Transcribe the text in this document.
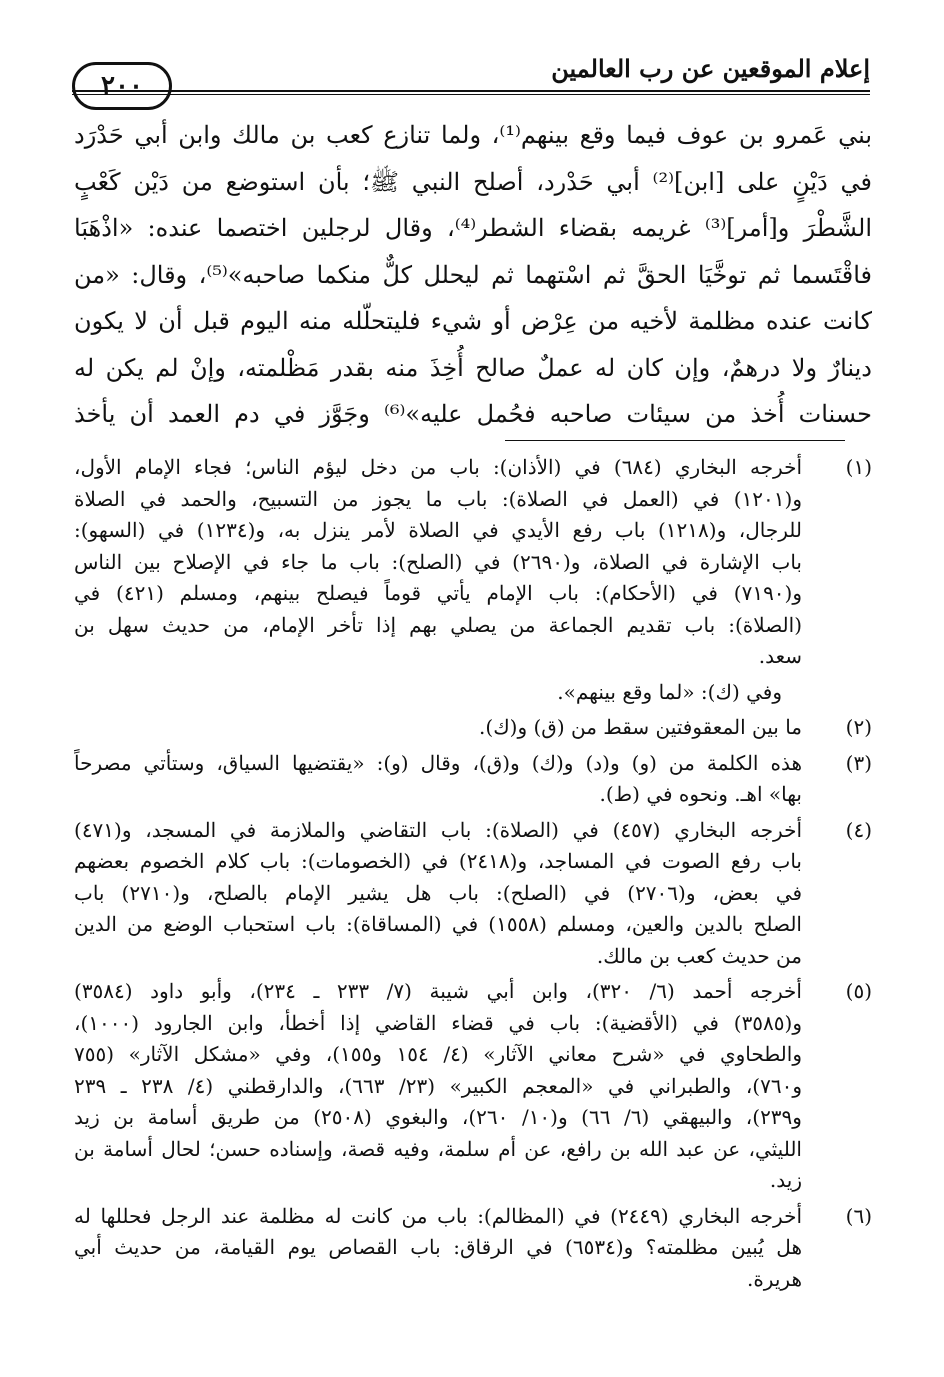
إعلام الموقعين عن رب العالمين
٢٠٠
بني عَمرو بن عوف فيما وقع بينهم⁽¹⁾، ولما تنازع كعب بن مالك وابن أبي حَدْرَد
في دَيْنٍ على [ابن]⁽²⁾ أبي حَدْرد، أصلح النبي ﷺ؛ بأن استوضع من دَيْن كَعْبٍ
الشَّطْرَ و[أمر]⁽³⁾ غريمه بقضاء الشطر⁽⁴⁾، وقال لرجلين اختصما عنده: «اذْهَبَا
فاقْتَسما ثم توخَّيَا الحقَّ ثم اسْتهما ثم ليحلل كلٌّ منكما صاحبه»⁽⁵⁾، وقال: «من
كانت عنده مظلمة لأخيه من عِرْض أو شيء فليتحلّله منه اليوم قبل أن لا يكون
دينارٌ ولا درهمٌ، وإن كان له عملٌ صالح أُخِذَ منه بقدر مَظْلمته، وإنْ لم يكن له
حسنات أُخذ من سيئات صاحبه فحُمل عليه»⁽⁶⁾ وجَوَّز في دم العمد أن يأخذ
(١)
أخرجه البخاري (٦٨٤) في (الأذان): باب من دخل ليؤم الناس؛ فجاء الإمام الأول،
و(١٢٠١) في (العمل في الصلاة): باب ما يجوز من التسبيح، والحمد في الصلاة
للرجال، و(١٢١٨) باب رفع الأيدي في الصلاة لأمر ينزل به، و(١٢٣٤) في (السهو):
باب الإشارة في الصلاة، و(٢٦٩٠) في (الصلح): باب ما جاء في الإصلاح بين الناس
و(٧١٩٠) في (الأحكام): باب الإمام يأتي قوماً فيصلح بينهم، ومسلم (٤٢١) في
(الصلاة): باب تقديم الجماعة من يصلي بهم إذا تأخر الإمام، من حديث سهل بن
سعد.
وفي (ك): «لما وقع بينهم».
(٢)
ما بين المعقوفتين سقط من (ق) و(ك).
(٣)
هذه الكلمة من (و) و(د) و(ك) و(ق)، وقال (و): «يقتضيها السياق، وستأتي مصرحاً
بها» اهـ. ونحوه في (ط).
(٤)
أخرجه البخاري (٤٥٧) في (الصلاة): باب التقاضي والملازمة في المسجد، و(٤٧١)
باب رفع الصوت في المساجد، و(٢٤١٨) في (الخصومات): باب كلام الخصوم بعضهم
في بعض، و(٢٧٠٦) في (الصلح): باب هل يشير الإمام بالصلح، و(٢٧١٠) باب
الصلح بالدين والعين، ومسلم (١٥٥٨) في (المساقاة): باب استحباب الوضع من الدين
من حديث كعب بن مالك.
(٥)
أخرجه أحمد (٦/ ٣٢٠)، وابن أبي شيبة (٧/ ٢٣٣ ـ ٢٣٤)، وأبو داود (٣٥٨٤)
و(٣٥٨٥) في (الأقضية): باب في قضاء القاضي إذا أخطأ، وابن الجارود (١٠٠٠)،
والطحاوي في «شرح معاني الآثار» (٤/ ١٥٤ و١٥٥)، وفي «مشكل الآثار» (٧٥٥
و٧٦٠)، والطبراني في «المعجم الكبير» (٢٣/ ٦٦٣)، والدارقطني (٤/ ٢٣٨ ـ ٢٣٩
و٢٣٩)، والبيهقي (٦/ ٦٦) و(١٠/ ٢٦٠)، والبغوي (٢٥٠٨) من طريق أسامة بن زيد
الليثي، عن عبد الله بن رافع، عن أم سلمة، وفيه قصة، وإسناده حسن؛ لحال أسامة بن
زيد.
(٦)
أخرجه البخاري (٢٤٤٩) في (المظالم): باب من كانت له مظلمة عند الرجل فحللها له
هل يُبين مظلمته؟ و(٦٥٣٤) في الرقاق: باب القصاص يوم القيامة، من حديث أبي
هريرة.
